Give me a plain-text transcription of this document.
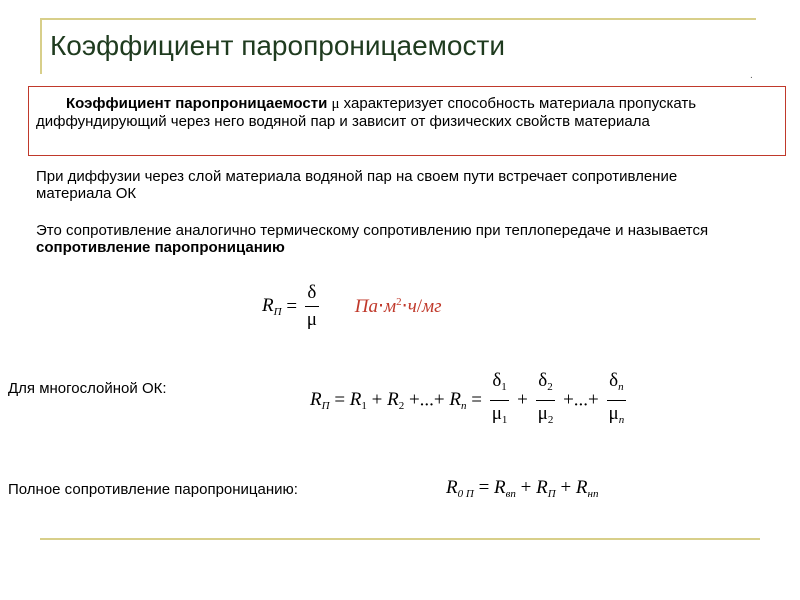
Коэффициент паропроницаемости
.
Коэффициент паропроницаемости μ характеризует способность материала пропускать диффундирующий через него водяной пар и зависит от физических свойств материала
При диффузии через слой материала водяной пар на своем пути встречает сопротивление материала ОК
Это сопротивление аналогично термическому сопротивлению при теплопередаче и называется сопротивление паропроницанию
$R_П = \frac{\delta}{\mu} Па\cdot м^2\cdot ч/мг$
Для многослойной ОК:
$R_П = R_1 + R_2$ +...+ $R_n = \frac{\delta_1}{\mu_1} + \frac{\delta_2}{\mu_2}$ +...+ $\frac{\delta_n}{\mu_n}$
Полное сопротивление паропроницанию:	$R_{0 П} = R_{вп} + R_П + R_{нп}$
